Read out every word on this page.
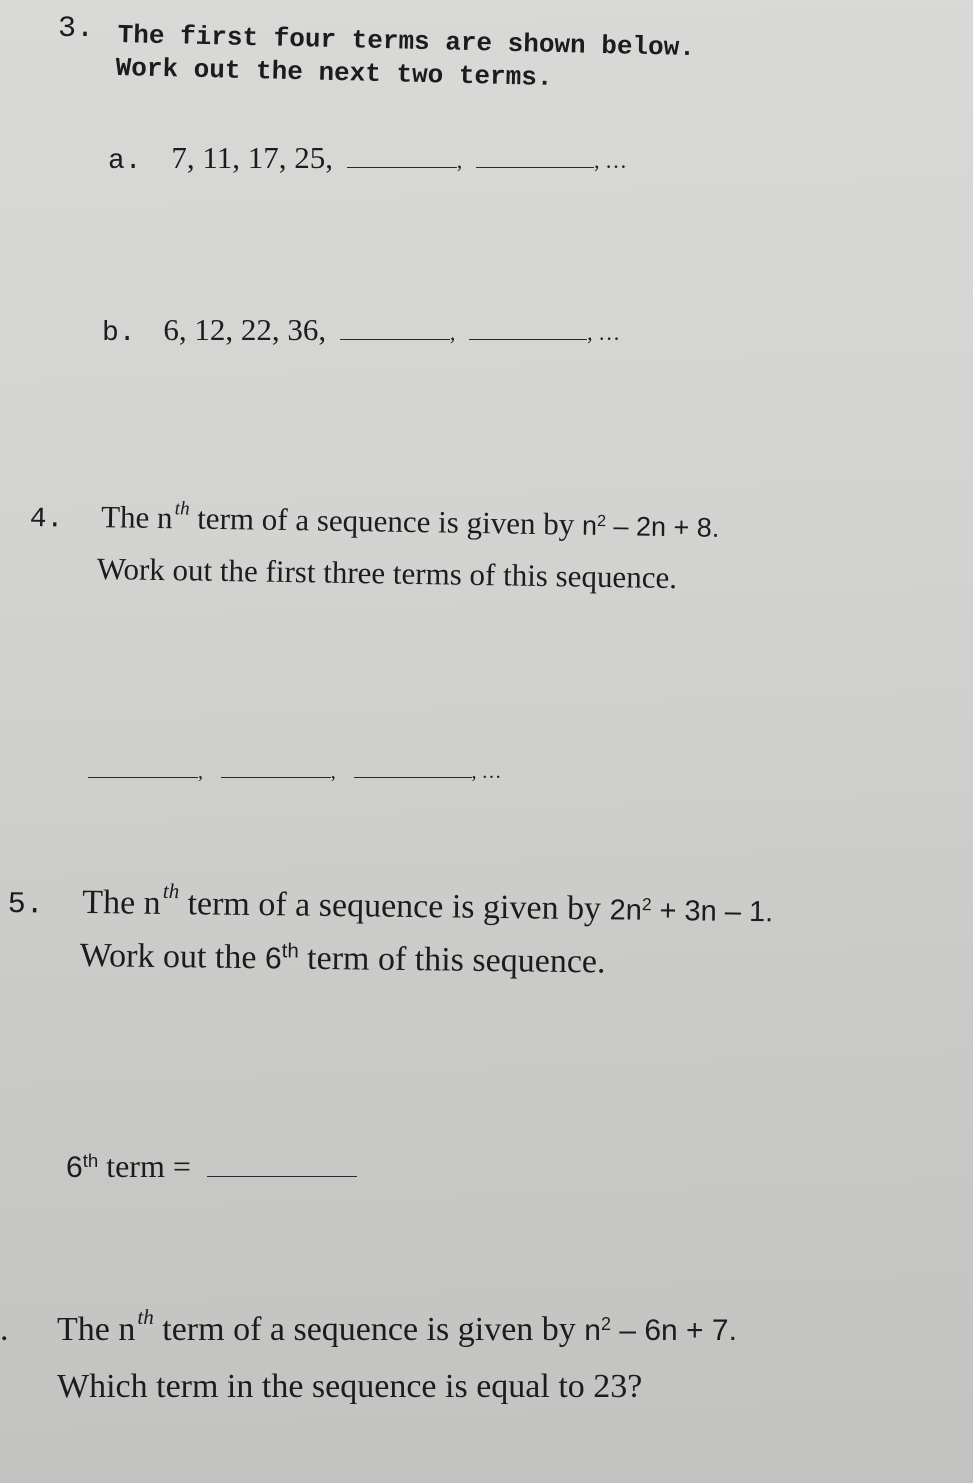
3. The first four terms are shown below.
Work out the next two terms.
a. 7, 11, 17, 25,	,	, …
b. 6, 12, 22, 36,	,	, …
4. The $n^{th}$ term of a sequence is given by $n^2 - 2n + 8$.
Work out the first three terms of this sequence.
,	,	, …
5. The $n^{th}$ term of a sequence is given by $2n^2 + 3n - 1$.
Work out the 6th term of this sequence.
6th term =
. The $n^{th}$ term of a sequence is given by $n^2 - 6n + 7$.
Which term in the sequence is equal to 23?
